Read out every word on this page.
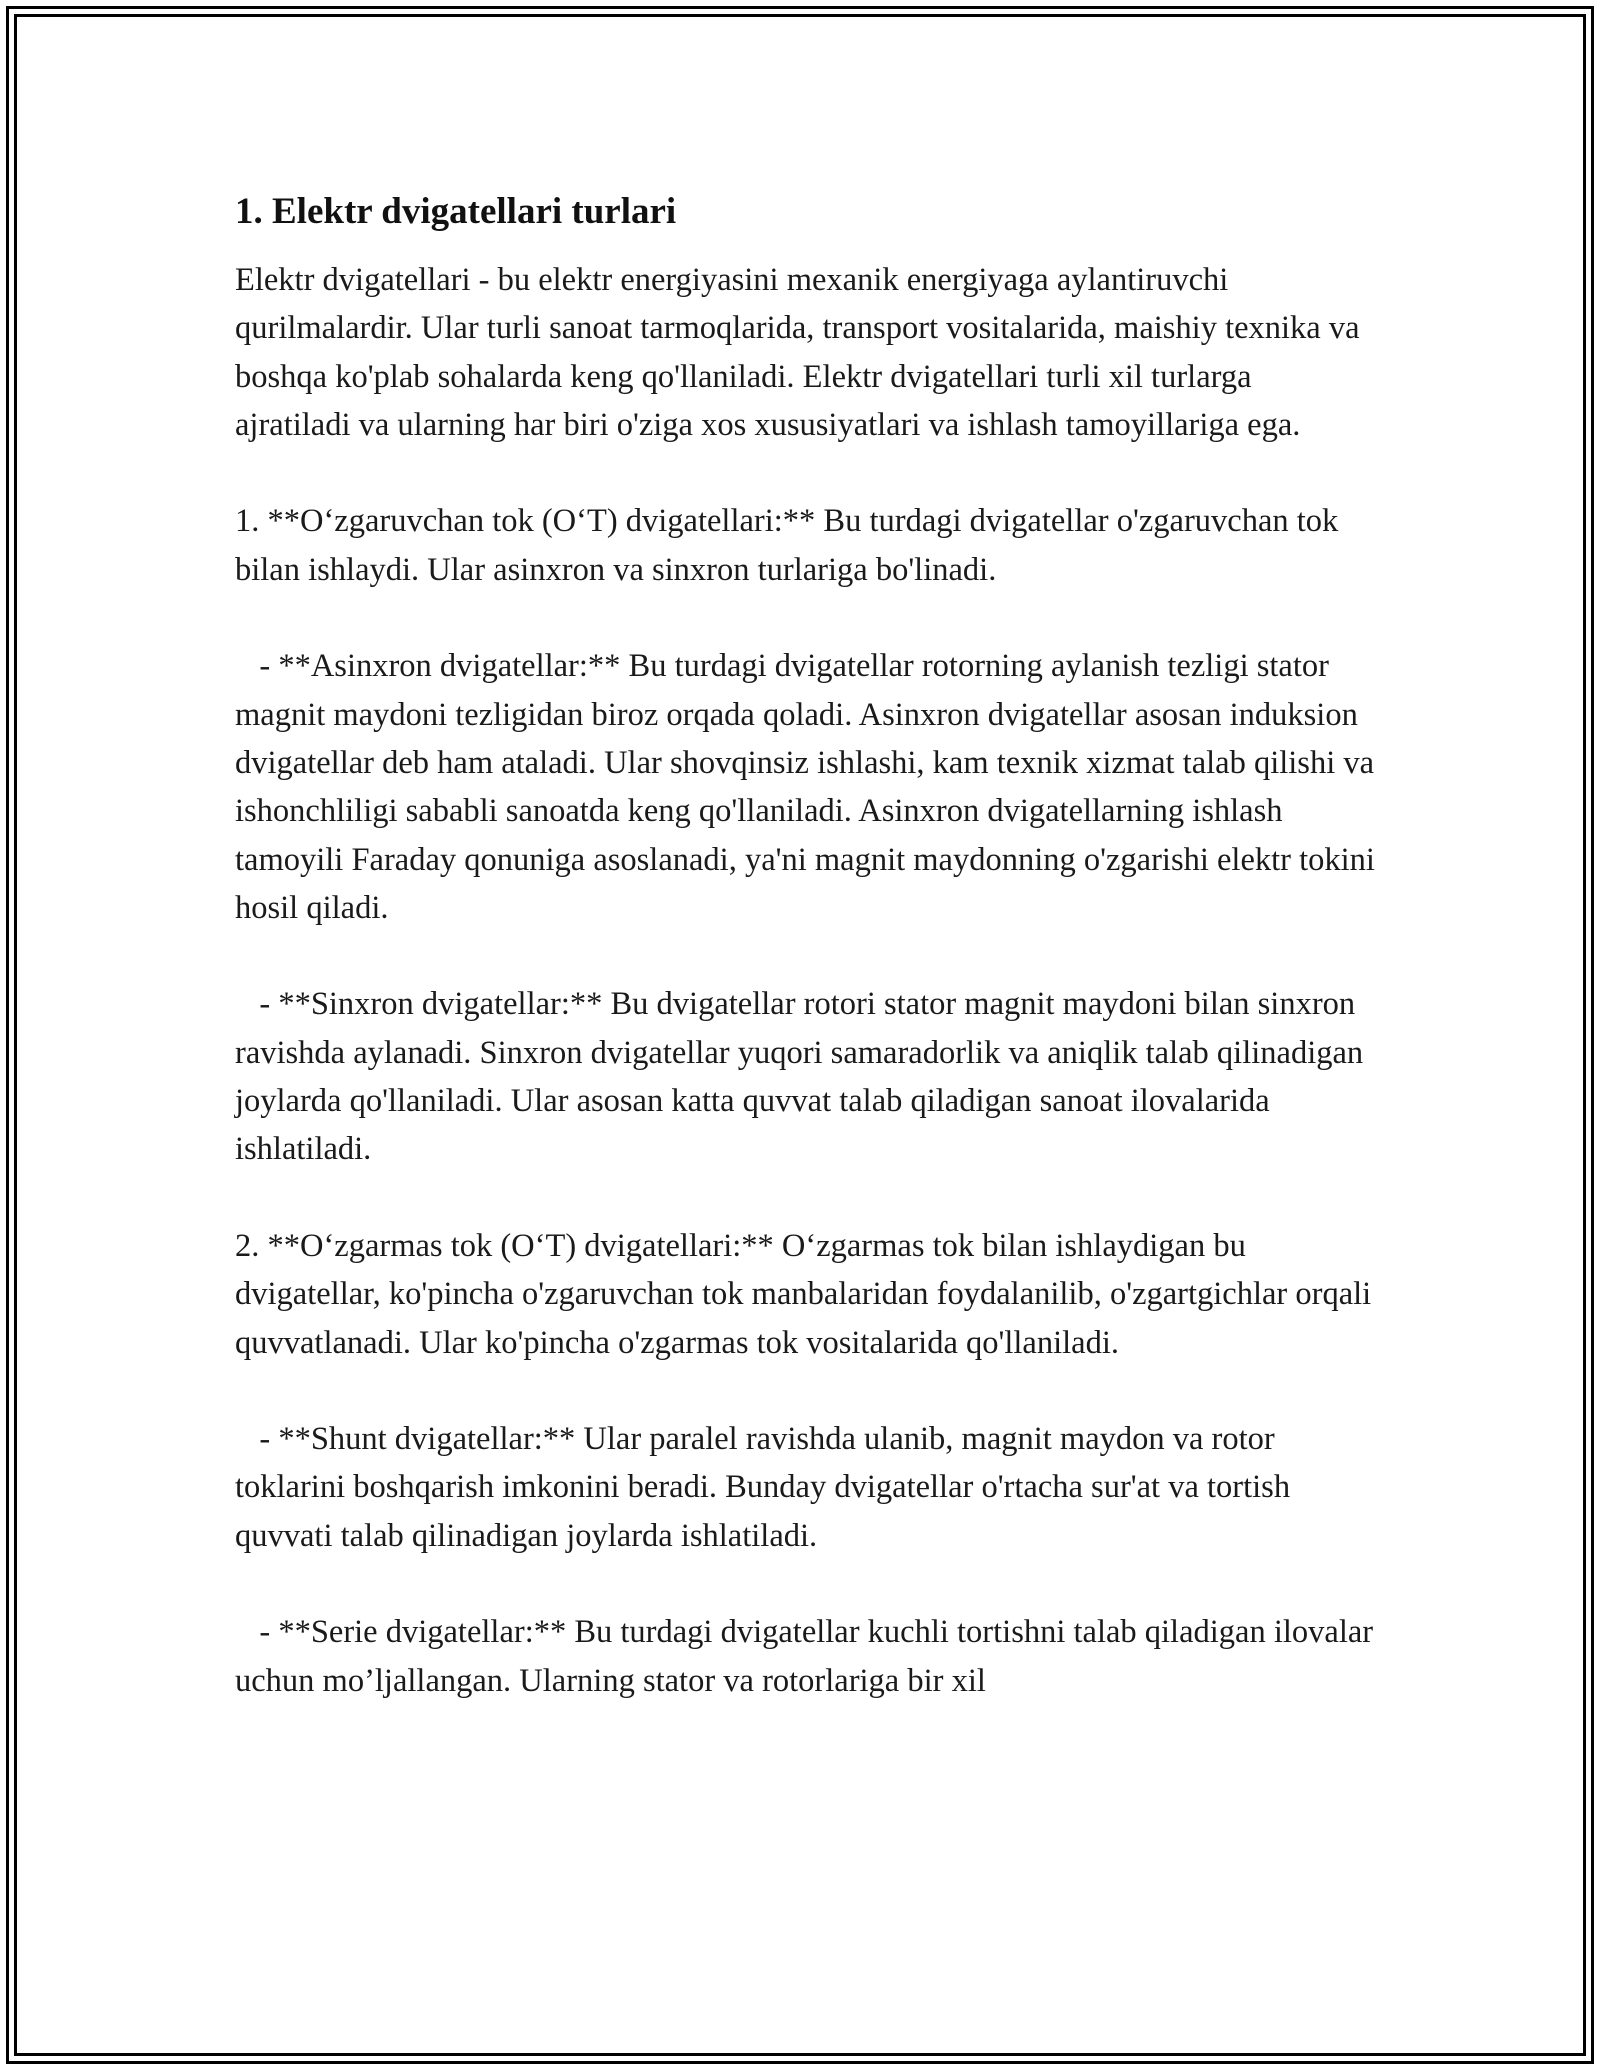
1. Elektr dvigatellari turlari

Elektr dvigatellari - bu elektr energiyasini mexanik energiyaga aylantiruvchi qurilmalardir. Ular turli sanoat tarmoqlarida, transport vositalarida, maishiy texnika va boshqa ko'plab sohalarda keng qo'llaniladi. Elektr dvigatellari turli xil turlarga ajratiladi va ularning har biri o'ziga xos xususiyatlari va ishlash tamoyillariga ega.

1. **O‘zgaruvchan tok (O‘T) dvigatellari:** Bu turdagi dvigatellar o'zgaruvchan tok bilan ishlaydi. Ular asinxron va sinxron turlariga bo'linadi.

- **Asinxron dvigatellar:** Bu turdagi dvigatellar rotorning aylanish tezligi stator magnit maydoni tezligidan biroz orqada qoladi. Asinxron dvigatellar asosan induksion dvigatellar deb ham ataladi. Ular shovqinsiz ishlashi, kam texnik xizmat talab qilishi va ishonchliligi sababli sanoatda keng qo'llaniladi. Asinxron dvigatellarning ishlash tamoyili Faraday qonuniga asoslanadi, ya'ni magnit maydonning o'zgarishi elektr tokini hosil qiladi.

- **Sinxron dvigatellar:** Bu dvigatellar rotori stator magnit maydoni bilan sinxron ravishda aylanadi. Sinxron dvigatellar yuqori samaradorlik va aniqlik talab qilinadigan joylarda qo'llaniladi. Ular asosan katta quvvat talab qiladigan sanoat ilovalarida ishlatiladi.

2. **O‘zgarmas tok (O‘T) dvigatellari:** O‘zgarmas tok bilan ishlaydigan bu dvigatellar, ko'pincha o'zgaruvchan tok manbalaridan foydalanilib, o'zgartgichlar orqali quvvatlanadi. Ular ko'pincha o'zgarmas tok vositalarida qo'llaniladi.

- **Shunt dvigatellar:** Ular paralel ravishda ulanib, magnit maydon va rotor toklarini boshqarish imkonini beradi. Bunday dvigatellar o'rtacha sur'at va tortish quvvati talab qilinadigan joylarda ishlatiladi.

- **Serie dvigatellar:** Bu turdagi dvigatellar kuchli tortishni talab qiladigan ilovalar uchun mo’ljallangan. Ularning stator va rotorlariga bir xil
